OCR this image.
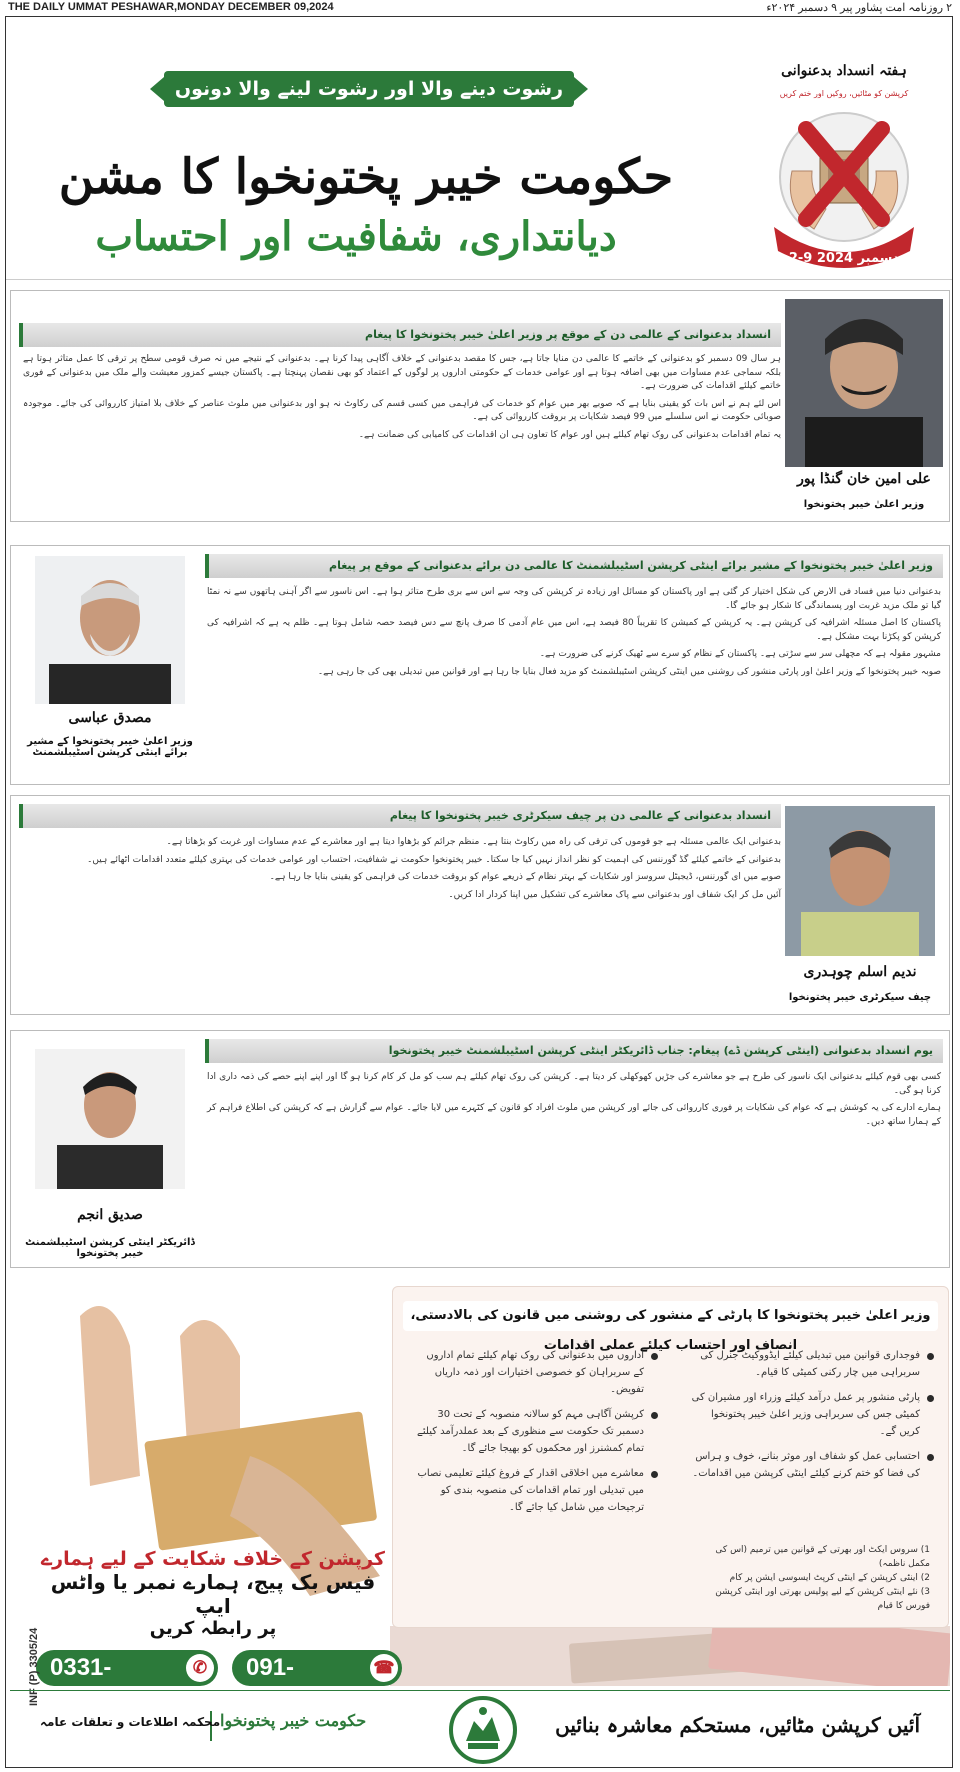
THE DAILY UMMAT PESHAWAR,MONDAY DECEMBER 09,2024	۲ روزنامہ امت پشاور پیر ۹ دسمبر ۲۰۲۴ء
رشوت دینے والا اور رشوت لینے والا دونوں آگ میں ہیں
حکومت خیبر پختونخوا کا مشن
دیانتداری، شفافیت اور احتساب
ہفتہ انسداد بدعنوانی
کرپشن کو مٹائیں، روکیں اور ختم کریں
2-9 دسمبر 2024
انسداد بدعنوانی کے عالمی دن کے موقع پر وزیر اعلیٰ خیبر پختونخوا کا پیغام

ہر سال 09 دسمبر کو بدعنوانی کے خاتمے کا عالمی دن منایا جاتا ہے، جس کا مقصد بدعنوانی کے خلاف آگاہی پیدا کرنا ہے۔ بدعنوانی کے نتیجے میں نہ صرف قومی سطح پر ترقی کا عمل متاثر ہوتا ہے بلکہ سماجی عدم مساوات میں بھی اضافہ ہوتا ہے اور عوامی خدمات کے حکومتی اداروں پر لوگوں کے اعتماد کو بھی نقصان پہنچتا ہے۔ پاکستان جیسے کمزور معیشت والے ملک میں بدعنوانی کے فوری خاتمے کیلئے اقدامات کی ضرورت ہے۔

اس لئے ہم نے اس بات کو یقینی بنایا ہے کہ صوبے بھر میں عوام کو خدمات کی فراہمی میں کسی قسم کی رکاوٹ نہ ہو اور بدعنوانی میں ملوث عناصر کے خلاف بلا امتیاز کارروائی کی جائے۔ موجودہ صوبائی حکومت نے اس سلسلے میں 99 فیصد شکایات پر بروقت کارروائی کی ہے۔

یہ تمام اقدامات بدعنوانی کی روک تھام کیلئے ہیں اور عوام کا تعاون ہی ان اقدامات کی کامیابی کی ضمانت ہے۔

علی امین خان گنڈا پور
وزیر اعلیٰ خیبر پختونخوا
وزیر اعلیٰ خیبر پختونخوا کے مشیر برائے اینٹی کرپشن اسٹیبلشمنٹ کا عالمی دن برائے بدعنوانی کے موقع پر پیغام

بدعنوانی دنیا میں فساد فی الارض کی شکل اختیار کر گئی ہے اور پاکستان کو مسائل اور زیادہ تر کرپشن کی وجہ سے اس سے بری طرح متاثر ہوا ہے۔ اس ناسور سے اگر آہنی ہاتھوں سے نہ نمٹا گیا تو ملک مزید غربت اور پسماندگی کا شکار ہو جائے گا۔

پاکستان کا اصل مسئلہ اشرافیہ کی کرپشن ہے۔ یہ کرپشن کے کمیشن کا تقریباً 80 فیصد ہے، اس میں عام آدمی کا صرف پانچ سے دس فیصد حصہ شامل ہوتا ہے۔ ظلم یہ ہے کہ اشرافیہ کی کرپشن کو پکڑنا بہت مشکل ہے۔

مشہور مقولہ ہے کہ مچھلی سر سے سڑتی ہے۔ پاکستان کے نظام کو سرے سے ٹھیک کرنے کی ضرورت ہے۔

صوبہ خیبر پختونخوا کے وزیر اعلیٰ اور پارٹی منشور کی روشنی میں اینٹی کرپشن اسٹیبلشمنٹ کو مزید فعال بنایا جا رہا ہے اور قوانین میں تبدیلی بھی کی جا رہی ہے۔

مصدق عباسی
وزیر اعلیٰ خیبر پختونخوا کے مشیر برائے اینٹی کرپشن اسٹیبلشمنٹ
انسداد بدعنوانی کے عالمی دن پر چیف سیکرٹری خیبر پختونخوا کا پیغام

بدعنوانی ایک عالمی مسئلہ ہے جو قوموں کی ترقی کی راہ میں رکاوٹ بنتا ہے۔ منظم جرائم کو بڑھاوا دیتا ہے اور معاشرے کے عدم مساوات اور غربت کو بڑھاتا ہے۔

بدعنوانی کے خاتمے کیلئے گڈ گورننس کی اہمیت کو نظر انداز نہیں کیا جا سکتا۔ خیبر پختونخوا حکومت نے شفافیت، احتساب اور عوامی خدمات کی بہتری کیلئے متعدد اقدامات اٹھائے ہیں۔

صوبے میں ای گورننس، ڈیجیٹل سروسز اور شکایات کے بہتر نظام کے ذریعے عوام کو بروقت خدمات کی فراہمی کو یقینی بنایا جا رہا ہے۔

آئیں مل کر ایک شفاف اور بدعنوانی سے پاک معاشرے کی تشکیل میں اپنا کردار ادا کریں۔

ندیم اسلم چوہدری
چیف سیکرٹری خیبر پختونخوا
یوم انسداد بدعنوانی (اینٹی کرپشن ڈے) پیغام: جناب ڈائریکٹر اینٹی کرپشن اسٹیبلشمنٹ خیبر پختونخوا

کسی بھی قوم کیلئے بدعنوانی ایک ناسور کی طرح ہے جو معاشرے کی جڑیں کھوکھلی کر دیتا ہے۔ کرپشن کی روک تھام کیلئے ہم سب کو مل کر کام کرنا ہو گا اور اپنے اپنے حصے کی ذمہ داری ادا کرنا ہو گی۔

ہمارے ادارے کی یہ کوشش ہے کہ عوام کی شکایات پر فوری کارروائی کی جائے اور کرپشن میں ملوث افراد کو قانون کے کٹہرے میں لایا جائے۔ عوام سے گزارش ہے کہ کرپشن کی اطلاع فراہم کر کے ہمارا ساتھ دیں۔

صدیق انجم
ڈائریکٹر اینٹی کرپشن اسٹیبلشمنٹ خیبر پختونخوا
وزیر اعلیٰ خیبر پختونخوا کا پارٹی کے منشور کی روشنی میں قانون کی بالادستی، انصاف اور احتساب کیلئے عملی اقدامات
فوجداری قوانین میں تبدیلی کیلئے ایڈووکیٹ جنرل کی سربراہی میں چار رکنی کمیٹی کا قیام۔
پارٹی منشور پر عمل درآمد کیلئے وزراء اور مشیران کی کمیٹی جس کی سربراہی وزیر اعلیٰ خیبر پختونخوا کریں گے۔
احتسابی عمل کو شفاف اور موثر بنانے، خوف و ہراس کی فضا کو ختم کرنے کیلئے اینٹی کرپشن میں اقدامات۔
1) سروس ایکٹ اور بھرتی کے قوانین میں ترمیم (اس کی مکمل ناظمہ)
2) اینٹی کرپشن کے اینٹی کرپٹ ایسوسی ایشن پر کام
3) نئے اینٹی کرپشن کے لیے پولیس بھرتی اور اینٹی کرپشن فورس کا قیام
اداروں میں بدعنوانی کی روک تھام کیلئے تمام اداروں کے سربراہان کو خصوصی اختیارات اور ذمہ داریاں تفویض۔
کرپشن آگاہی مہم کو سالانہ منصوبہ کے تحت 30 دسمبر تک حکومت سے منظوری کے بعد عملدرآمد کیلئے تمام کمشنرز اور محکموں کو بھیجا جائے گا۔
معاشرے میں اخلاقی اقدار کے فروغ کیلئے تعلیمی نصاب میں تبدیلی اور تمام اقدامات کی منصوبہ بندی کو ترجیحات میں شامل کیا جائے گا۔
کرپشن کے خلاف شکایت کے لیے ہمارے
فیس بک پیج، ہمارے نمبر یا واٹس ایپ
پر رابطہ کریں
0331-9988848
✆	091-9217278
☎
INF (P) 3305/24
آئیں کرپشن مٹائیں، مستحکم معاشرہ بنائیں
حکومت خیبر پختونخوا
محکمہ اطلاعات و تعلقات عامہ
